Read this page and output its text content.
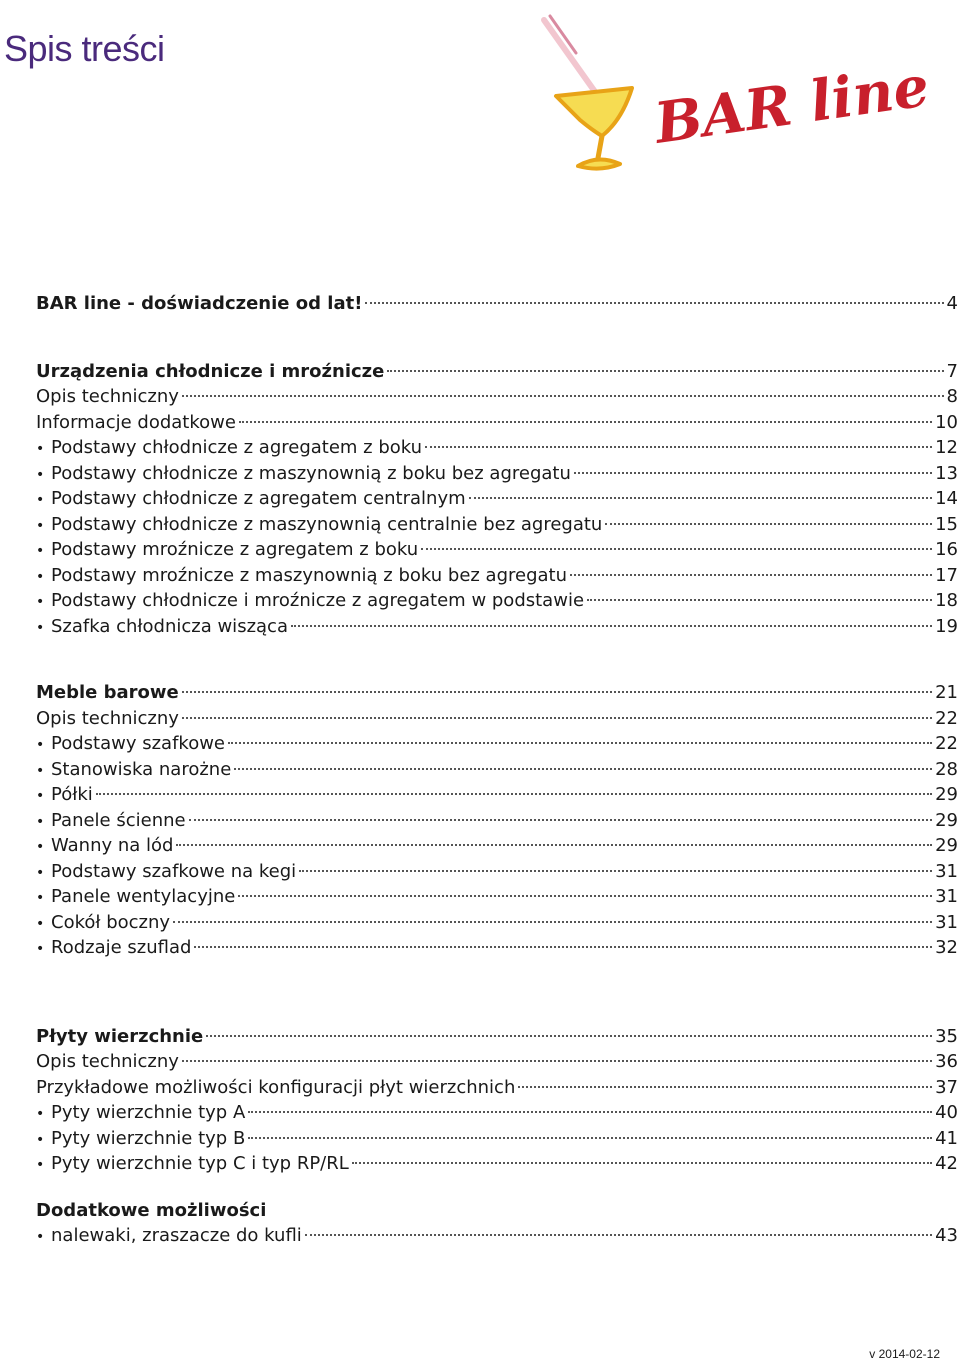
Spis treści
BAR line
BAR line - doświadczenie od lat!	4
Urządzenia chłodnicze i mroźnicze	7
Opis techniczny	8
Informacje dodatkowe	10
• Podstawy chłodnicze z agregatem z boku	12
• Podstawy chłodnicze z maszynownią z boku bez agregatu	13
• Podstawy chłodnicze z agregatem centralnym	14
• Podstawy chłodnicze z maszynownią centralnie bez agregatu	15
• Podstawy mroźnicze z agregatem z boku	16
• Podstawy mroźnicze z maszynownią z boku bez agregatu	17
• Podstawy chłodnicze i mroźnicze z agregatem w podstawie	18
• Szafka chłodnicza wisząca	19
Meble barowe	21
Opis techniczny	22
• Podstawy szafkowe	22
• Stanowiska narożne	28
• Półki	29
• Panele ścienne	29
• Wanny na lód	29
• Podstawy szafkowe na kegi	31
• Panele wentylacyjne	31
• Cokół boczny	31
• Rodzaje szuflad	32
Płyty wierzchnie	35
Opis techniczny	36
Przykładowe możliwości konfiguracji płyt wierzchnich	37
• Pyty wierzchnie typ A	40
• Pyty wierzchnie typ B	41
• Pyty wierzchnie typ C i typ RP/RL	42
Dodatkowe możliwości
• nalewaki, zraszacze do kufli	43
v 2014-02-12
